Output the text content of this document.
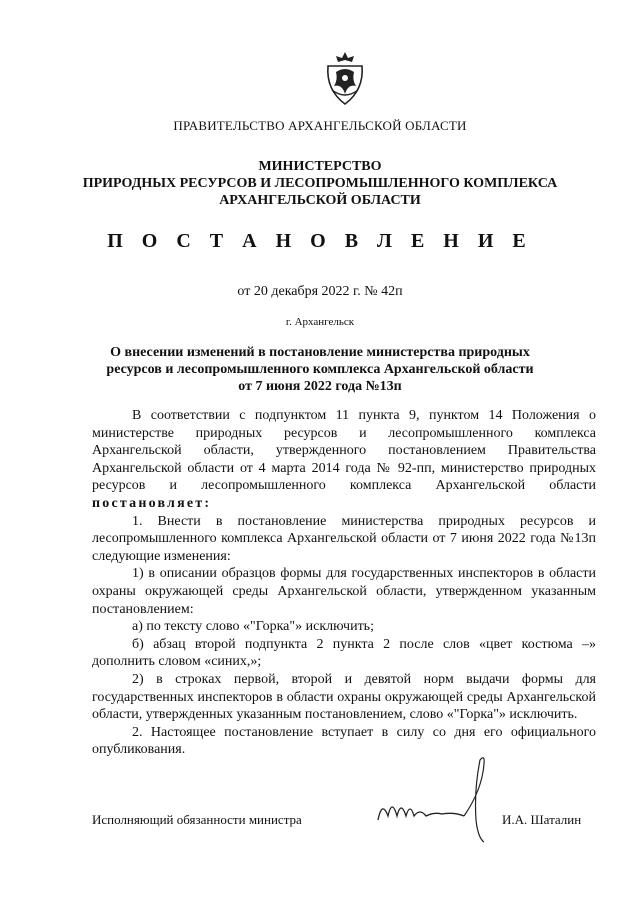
ПРАВИТЕЛЬСТВО АРХАНГЕЛЬСКОЙ ОБЛАСТИ
МИНИСТЕРСТВО
ПРИРОДНЫХ РЕСУРСОВ И ЛЕСОПРОМЫШЛЕННОГО КОМПЛЕКСА
АРХАНГЕЛЬСКОЙ ОБЛАСТИ
П О С Т А Н О В Л Е Н И Е
от 20 декабря 2022 г. № 42п
г. Архангельск
О внесении изменений в постановление министерства природных
ресурсов и лесопромышленного комплекса Архангельской области
от 7 июня 2022 года №13п

В соответствии с подпунктом 11 пункта 9, пунктом 14 Положения о министерстве природных ресурсов и лесопромышленного комплекса Архангельской области, утвержденного постановлением Правительства Архангельской области от 4 марта 2014 года № 92-пп, министерство природных ресурсов и лесопромышленного комплекса Архангельской области постановляет:

1. Внести в постановление министерства природных ресурсов и лесопромышленного комплекса Архангельской области от 7 июня 2022 года №13п следующие изменения:

1) в описании образцов формы для государственных инспекторов в области охраны окружающей среды Архангельской области, утвержденном указанным постановлением:

а) по тексту слово «"Горка"» исключить;

б) абзац второй подпункта 2 пункта 2 после слов «цвет костюма –» дополнить словом «синих,»;

2) в строках первой, второй и девятой норм выдачи формы для государственных инспекторов в области охраны окружающей среды Архангельской области, утвержденных указанным постановлением, слово «"Горка"» исключить.

2. Настоящее постановление вступает в силу со дня его официального опубликования.

Исполняющий обязанности министра	И.А. Шаталин
